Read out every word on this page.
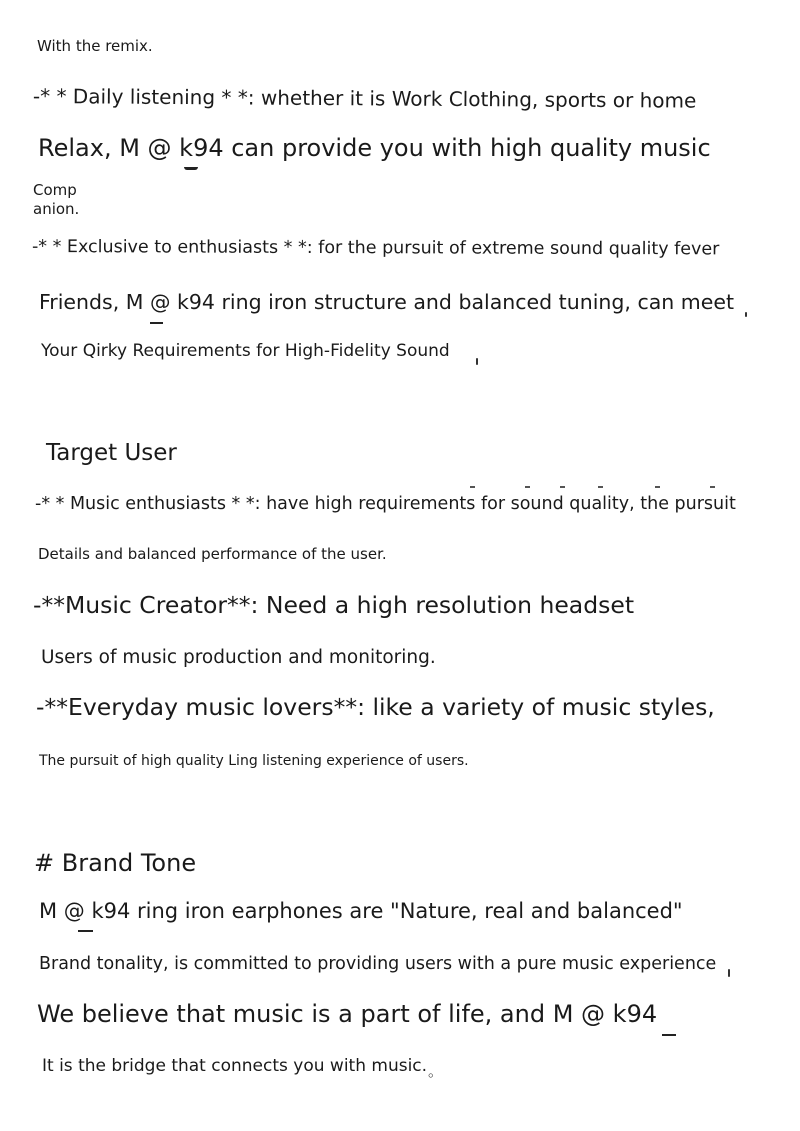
With the remix.
-* * Daily listening * *: whether it is Work Clothing, sports or home
Relax, M @ k94 can provide you with high quality music
Comp
anion.
-* * Exclusive to enthusiasts * *: for the pursuit of extreme sound quality fever
Friends, M @ k94 ring iron structure and balanced tuning, can meet
Your Qirky Requirements for High-Fidelity Sound
Target User
-* * Music enthusiasts * *: have high requirements for sound quality, the pursuit
Details and balanced performance of the user.
-**Music Creator**: Need a high resolution headset
Users of music production and monitoring.
-**Everyday music lovers**: like a variety of music styles,
The pursuit of high quality Ling listening experience of users.
# Brand Tone
M @ k94 ring iron earphones are "Nature, real and balanced"
Brand tonality, is committed to providing users with a pure music experience
We believe that music is a part of life, and M @ k94
It is the bridge that connects you with music. 。
